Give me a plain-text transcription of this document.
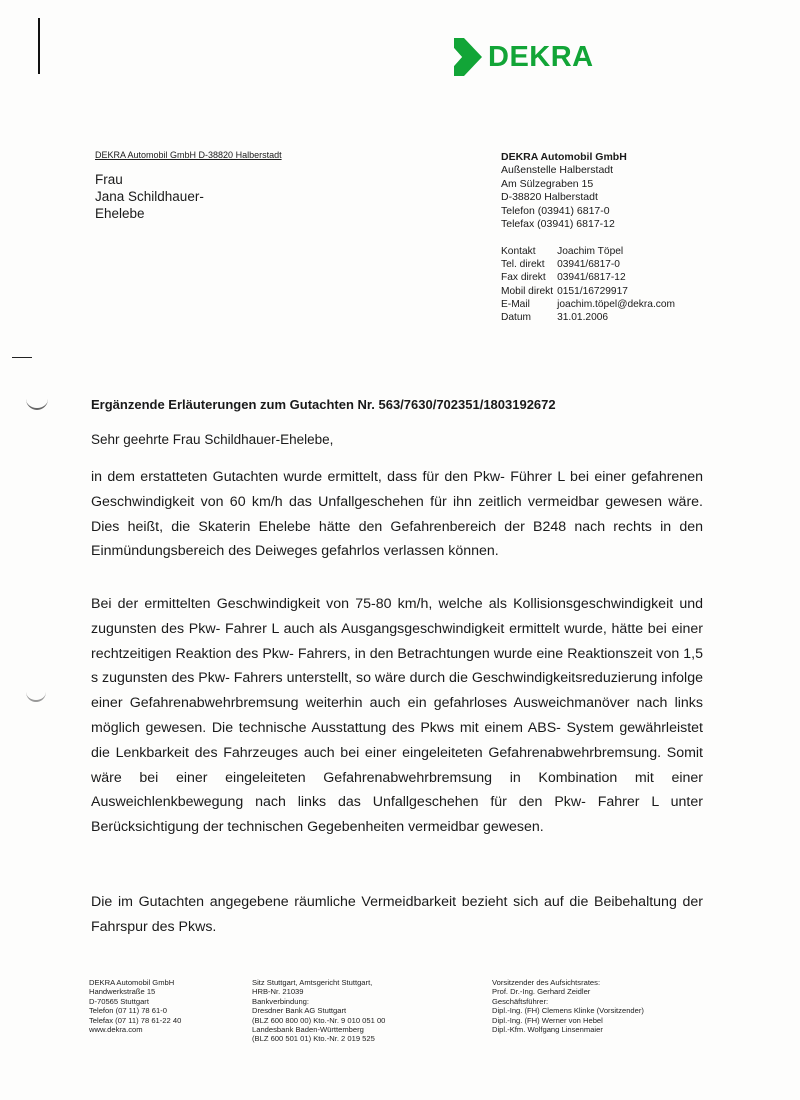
DEKRA
DEKRA Automobil GmbH D-38820 Halberstadt
Frau
Jana Schildhauer-
Ehelebe
DEKRA Automobil GmbH
Außenstelle Halberstadt
Am Sülzegraben 15
D-38820 Halberstadt
Telefon (03941) 6817-0
Telefax (03941) 6817-12
Kontakt	Joachim Töpel
Tel. direkt	03941/6817-0
Fax direkt	03941/6817-12
Mobil direkt	0151/16729917
E-Mail	joachim.töpel@dekra.com
Datum	31.01.2006
Ergänzende Erläuterungen zum Gutachten Nr. 563/7630/702351/1803192672
Sehr geehrte Frau Schildhauer-Ehelebe,
in dem erstatteten Gutachten wurde ermittelt, dass für den Pkw- Führer L bei einer gefahrenen Geschwindigkeit von 60 km/h das Unfallgeschehen für ihn zeitlich vermeidbar gewesen wäre. Dies heißt, die Skaterin Ehelebe hätte den Gefahrenbereich der B248 nach rechts in den Einmündungsbereich des Deiweges gefahrlos verlassen können.
Bei der ermittelten Geschwindigkeit von 75-80 km/h, welche als Kollisionsgeschwindigkeit und zugunsten des Pkw- Fahrer L auch als Ausgangsgeschwindigkeit ermittelt wurde, hätte bei einer rechtzeitigen Reaktion des Pkw- Fahrers, in den Betrachtungen wurde eine Reaktionszeit von 1,5 s zugunsten des Pkw- Fahrers unterstellt, so wäre durch die Geschwindigkeitsreduzierung infolge einer Gefahrenabwehrbremsung weiterhin auch ein gefahrloses Ausweichmanöver nach links möglich gewesen. Die technische Ausstattung des Pkws mit einem ABS- System gewährleistet die Lenkbarkeit des Fahrzeuges auch bei einer eingeleiteten Gefahrenabwehrbremsung. Somit wäre bei einer eingeleiteten Gefahrenabwehrbremsung in Kombination mit einer Ausweichlenkbewegung nach links das Unfallgeschehen für den Pkw- Fahrer L unter Berücksichtigung der technischen Gegebenheiten vermeidbar gewesen.
Die im Gutachten angegebene räumliche Vermeidbarkeit bezieht sich auf die Beibehaltung der Fahrspur des Pkws.
DEKRA Automobil GmbH
Handwerkstraße 15
D-70565 Stuttgart
Telefon (07 11) 78 61-0
Telefax (07 11) 78 61-22 40
www.dekra.com
Sitz Stuttgart, Amtsgericht Stuttgart,
HRB-Nr. 21039
Bankverbindung:
Dresdner Bank AG Stuttgart
(BLZ 600 800 00) Kto.-Nr. 9 010 051 00
Landesbank Baden-Württemberg
(BLZ 600 501 01) Kto.-Nr. 2 019 525
Vorsitzender des Aufsichtsrates:
Prof. Dr.-Ing. Gerhard Zeidler
Geschäftsführer:
Dipl.-Ing. (FH) Clemens Klinke (Vorsitzender)
Dipl.-Ing. (FH) Werner von Hebel
Dipl.-Kfm. Wolfgang Linsenmaier
